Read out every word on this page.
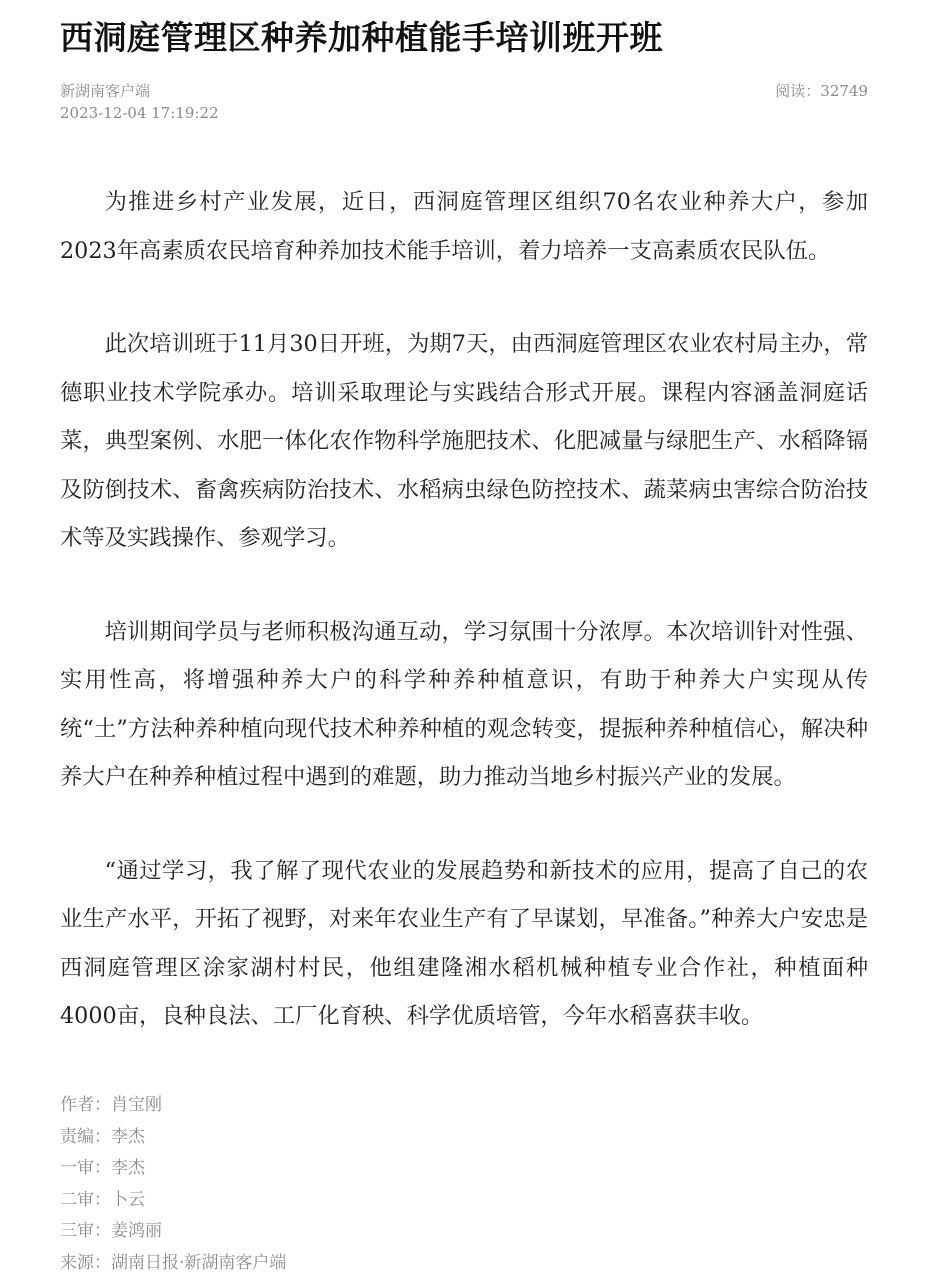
西洞庭管理区种养加种植能手培训班开班
新湖南客户端
2023-12-04 17:19:22
阅读：32749

为推进乡村产业发展，近日，西洞庭管理区组织70名农业种养大户，参加2023年高素质农民培育种养加技术能手培训，着力培养一支高素质农民队伍。

此次培训班于11月30日开班，为期7天，由西洞庭管理区农业农村局主办，常德职业技术学院承办。培训采取理论与实践结合形式开展。课程内容涵盖洞庭话菜，典型案例、水肥一体化农作物科学施肥技术、化肥减量与绿肥生产、水稻降镉及防倒技术、畜禽疾病防治技术、水稻病虫绿色防控技术、蔬菜病虫害综合防治技术等及实践操作、参观学习。

培训期间学员与老师积极沟通互动，学习氛围十分浓厚。本次培训针对性强、实用性高，将增强种养大户的科学种养种植意识，有助于种养大户实现从传统“土”方法种养种植向现代技术种养种植的观念转变，提振种养种植信心，解决种养大户在种养种植过程中遇到的难题，助力推动当地乡村振兴产业的发展。

“通过学习，我了解了现代农业的发展趋势和新技术的应用，提高了自己的农业生产水平，开拓了视野，对来年农业生产有了早谋划，早准备。”种养大户安忠是西洞庭管理区涂家湖村村民，他组建隆湘水稻机械种植专业合作社，种植面种4000亩，良种良法、工厂化育秧、科学优质培管，今年水稻喜获丰收。

作者：肖宝刚
责编：李杰
一审：李杰
二审：卜云
三审：姜鸿丽
来源：湖南日报·新湖南客户端
